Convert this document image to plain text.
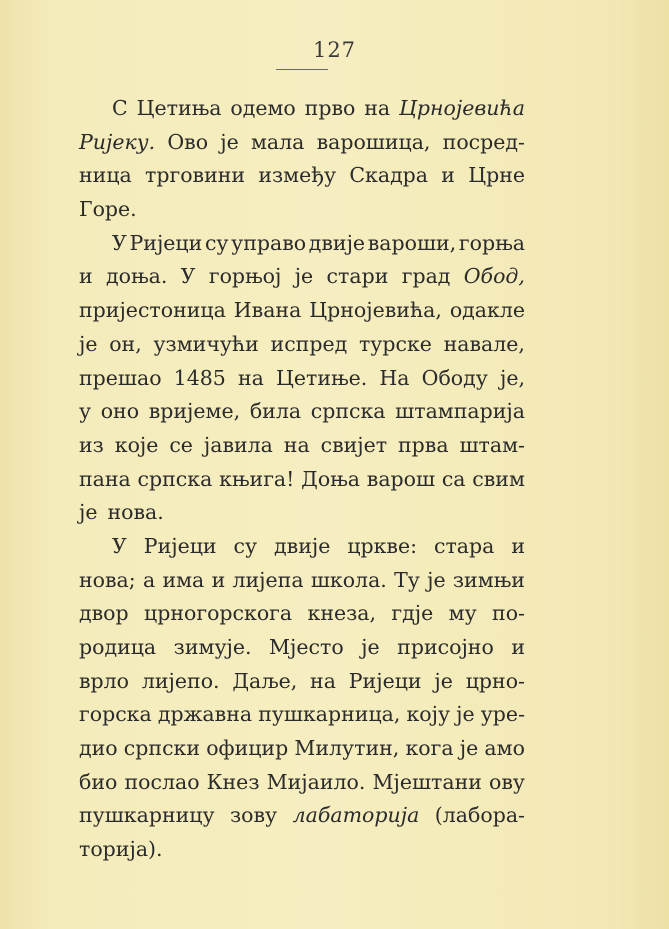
127
С Цетиња одемо прво на Црнојевића
Ријеку. Ово је мала варошица, посред-
ница трговини између Скадра и Црне
Горе.
У Ријеци су управо двије вароши, горња
и доња. У горњој је стари град Обод,
пријестоница Ивана Црнојевића, одакле
је он, узмичући испред турске навале,
прешао 1485 на Цетиње. На Ободу је,
у оно вријеме, била српска штампарија
из које се јавила на свијет прва штам-
пана српска књига! Доња варош са свим
је нова.
У Ријеци су двије цркве: стара и
нова; а има и лијепа школа. Ту је зимњи
двор црногорскога кнеза, гдје му по-
родица зимује. Мјесто је присојно и
врло лијепо. Даље, на Ријеци је црно-
горска државна пушкарница, коју је уре-
дио српски официр Милутин, кога је амо
био послао Кнез Мијаило. Мјештани ову
пушкарницу зову лабаторија (лабора-
торија).
